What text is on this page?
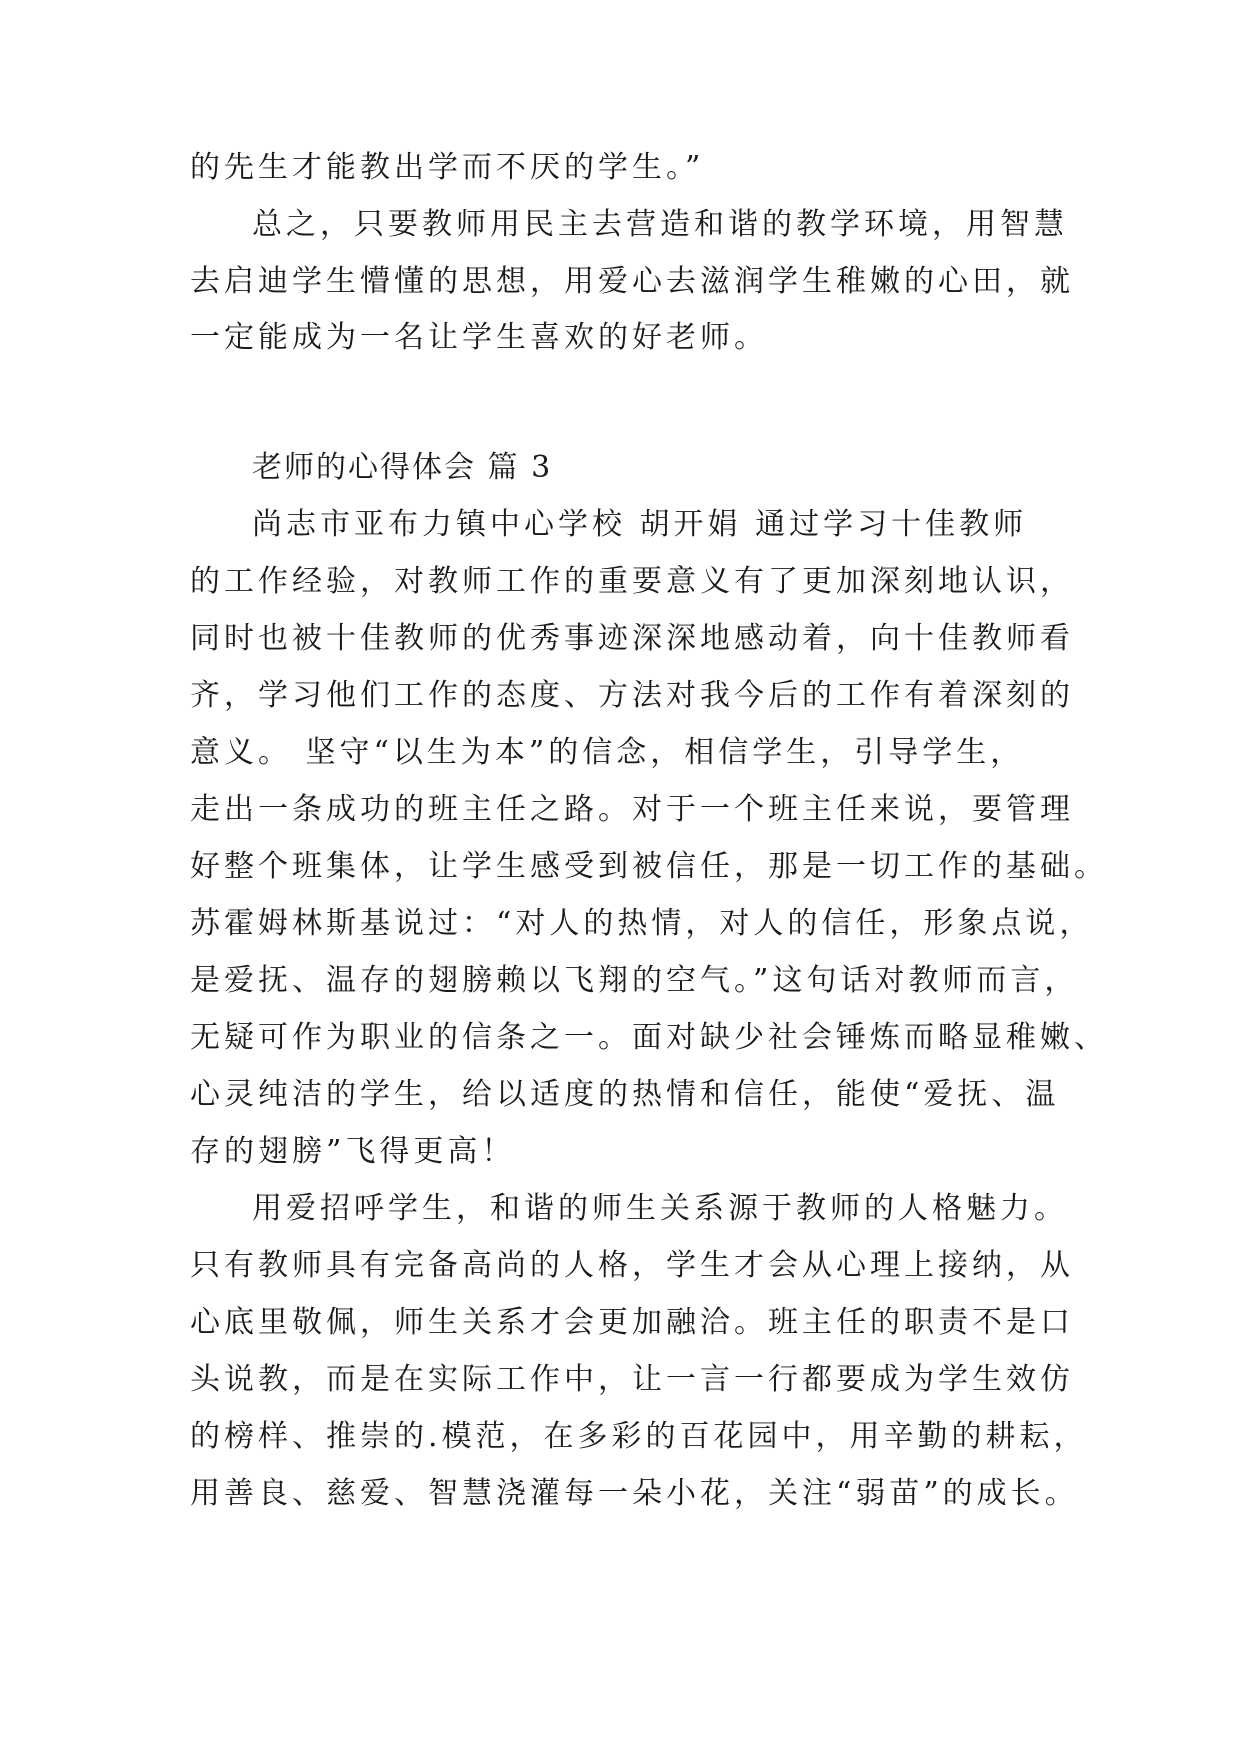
的先生才能教出学而不厌的学生。”
总之，只要教师用民主去营造和谐的教学环境，用智慧
去启迪学生懵懂的思想，用爱心去滋润学生稚嫩的心田，就
一定能成为一名让学生喜欢的好老师。
老师的心得体会 篇 3
尚志市亚布力镇中心学校 胡开娟 通过学习十佳教师
的工作经验，对教师工作的重要意义有了更加深刻地认识，
同时也被十佳教师的优秀事迹深深地感动着，向十佳教师看
齐，学习他们工作的态度、方法对我今后的工作有着深刻的
意义。 坚守“以生为本”的信念，相信学生，引导学生，
走出一条成功的班主任之路。对于一个班主任来说，要管理
好整个班集体，让学生感受到被信任，那是一切工作的基础。
苏霍姆林斯基说过：“对人的热情，对人的信任，形象点说，
是爱抚、温存的翅膀赖以飞翔的空气。”这句话对教师而言，
无疑可作为职业的信条之一。面对缺少社会锤炼而略显稚嫩、
心灵纯洁的学生，给以适度的热情和信任，能使“爱抚、温
存的翅膀”飞得更高！
用爱招呼学生，和谐的师生关系源于教师的人格魅力。
只有教师具有完备高尚的人格，学生才会从心理上接纳，从
心底里敬佩，师生关系才会更加融洽。班主任的职责不是口
头说教，而是在实际工作中，让一言一行都要成为学生效仿
的榜样、推崇的.模范，在多彩的百花园中，用辛勤的耕耘，
用善良、慈爱、智慧浇灌每一朵小花，关注“弱苗”的成长。
